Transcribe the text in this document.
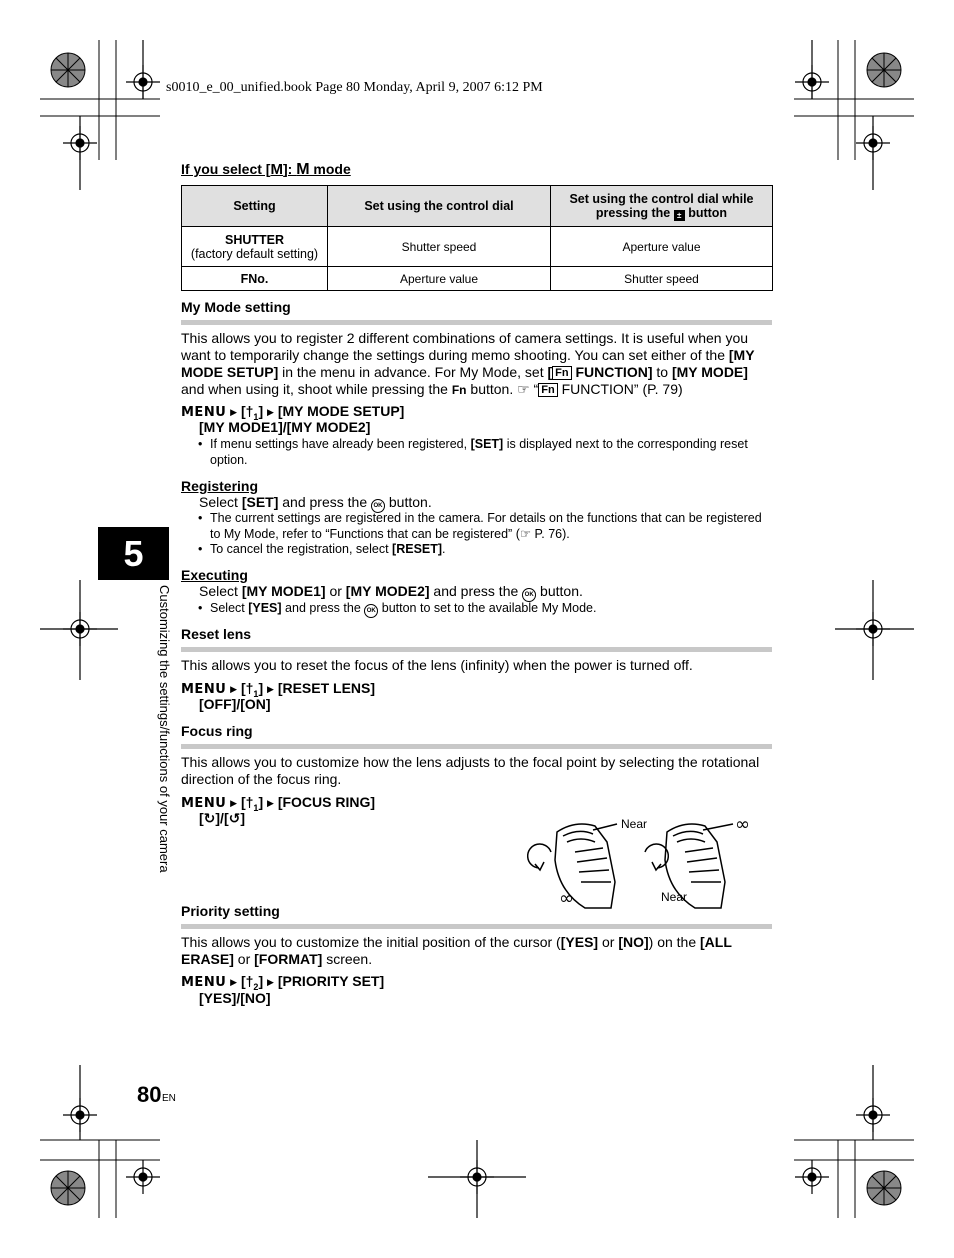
s0010_e_00_unified.book Page 80 Monday, April 9, 2007 6:12 PM
If you select [M]: M mode
Setting	Set using the control dial	Set using the control dial while pressing the ± button
SHUTTER
(factory default setting)	Shutter speed	Aperture value
FNo.	Aperture value	Shutter speed
My Mode setting
This allows you to register 2 different combinations of camera settings. It is useful when you want to temporarily change the settings during memo shooting. You can set either of the [MY MODE SETUP] in the menu in advance. For My Mode, set [ Fn FUNCTION] to [MY MODE] and when using it, shoot while pressing the Fn button. ☞ “ Fn FUNCTION” (P. 79)
MENU ▶ $[\dagger_1]$ ▶ [MY MODE SETUP]
[MY MODE1]/[MY MODE2]
• If menu settings have already been registered, [SET] is displayed next to the corresponding reset option.
Registering
Select [SET] and press the OK button.
• The current settings are registered in the camera. For details on the functions that can be registered to My Mode, refer to “Functions that can be registered” (☞ P. 76).
• To cancel the registration, select [RESET].
Executing
Select [MY MODE1] or [MY MODE2] and press the OK button.
• Select [YES] and press the OK button to set to the available My Mode.
Reset lens
This allows you to reset the focus of the lens (infinity) when the power is turned off.
MENU ▶ $[\dagger_1]$ ▶ [RESET LENS]
[OFF]/[ON]
Focus ring
This allows you to customize how the lens adjusts to the focal point by selecting the rotational direction of the focus ring.
MENU ▶ $[\dagger_1]$ ▶ [FOCUS RING]
[↻]/[↺]	Near
∞
∞
Near
Priority setting
This allows you to customize the initial position of the cursor ([YES] or [NO]) on the [ALL ERASE] or [FORMAT] screen.
MENU ▶ $[\dagger_2]$ ▶ [PRIORITY SET]
[YES]/[NO]
5
Customizing the settings/functions of your camera
80 EN
